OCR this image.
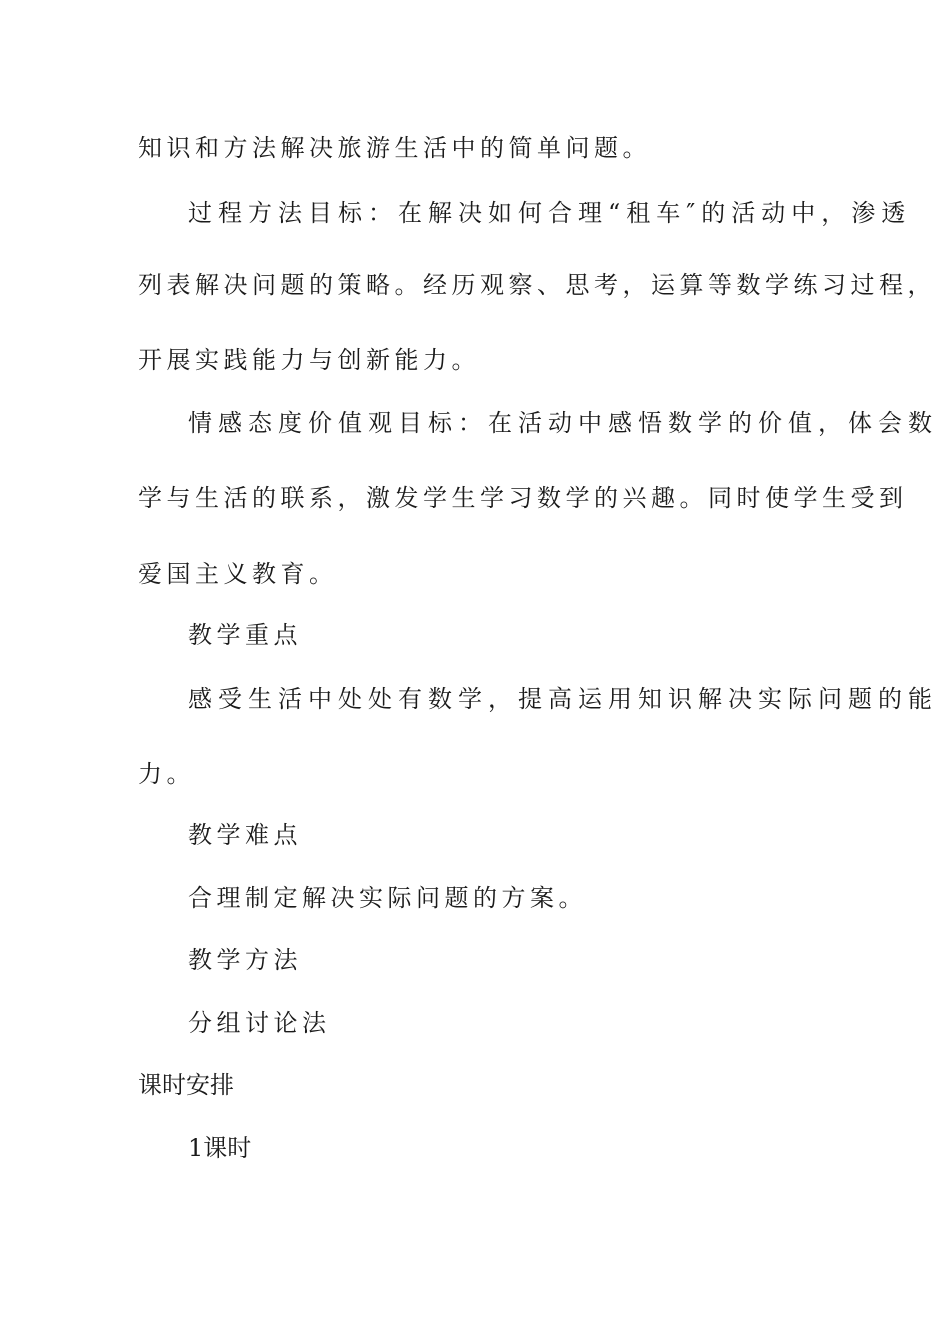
知识和方法解决旅游生活中的简单问题。
过程方法目标：在解决如何合理“租车″的活动中，渗透
列表解决问题的策略。经历观察、思考，运算等数学练习过程，
开展实践能力与创新能力。
情感态度价值观目标：在活动中感悟数学的价值，体会数
学与生活的联系，激发学生学习数学的兴趣。同时使学生受到
爱国主义教育。
教学重点
感受生活中处处有数学，提高运用知识解决实际问题的能
力。
教学难点
合理制定解决实际问题的方案。
教学方法
分组讨论法
课时安排
1课时
